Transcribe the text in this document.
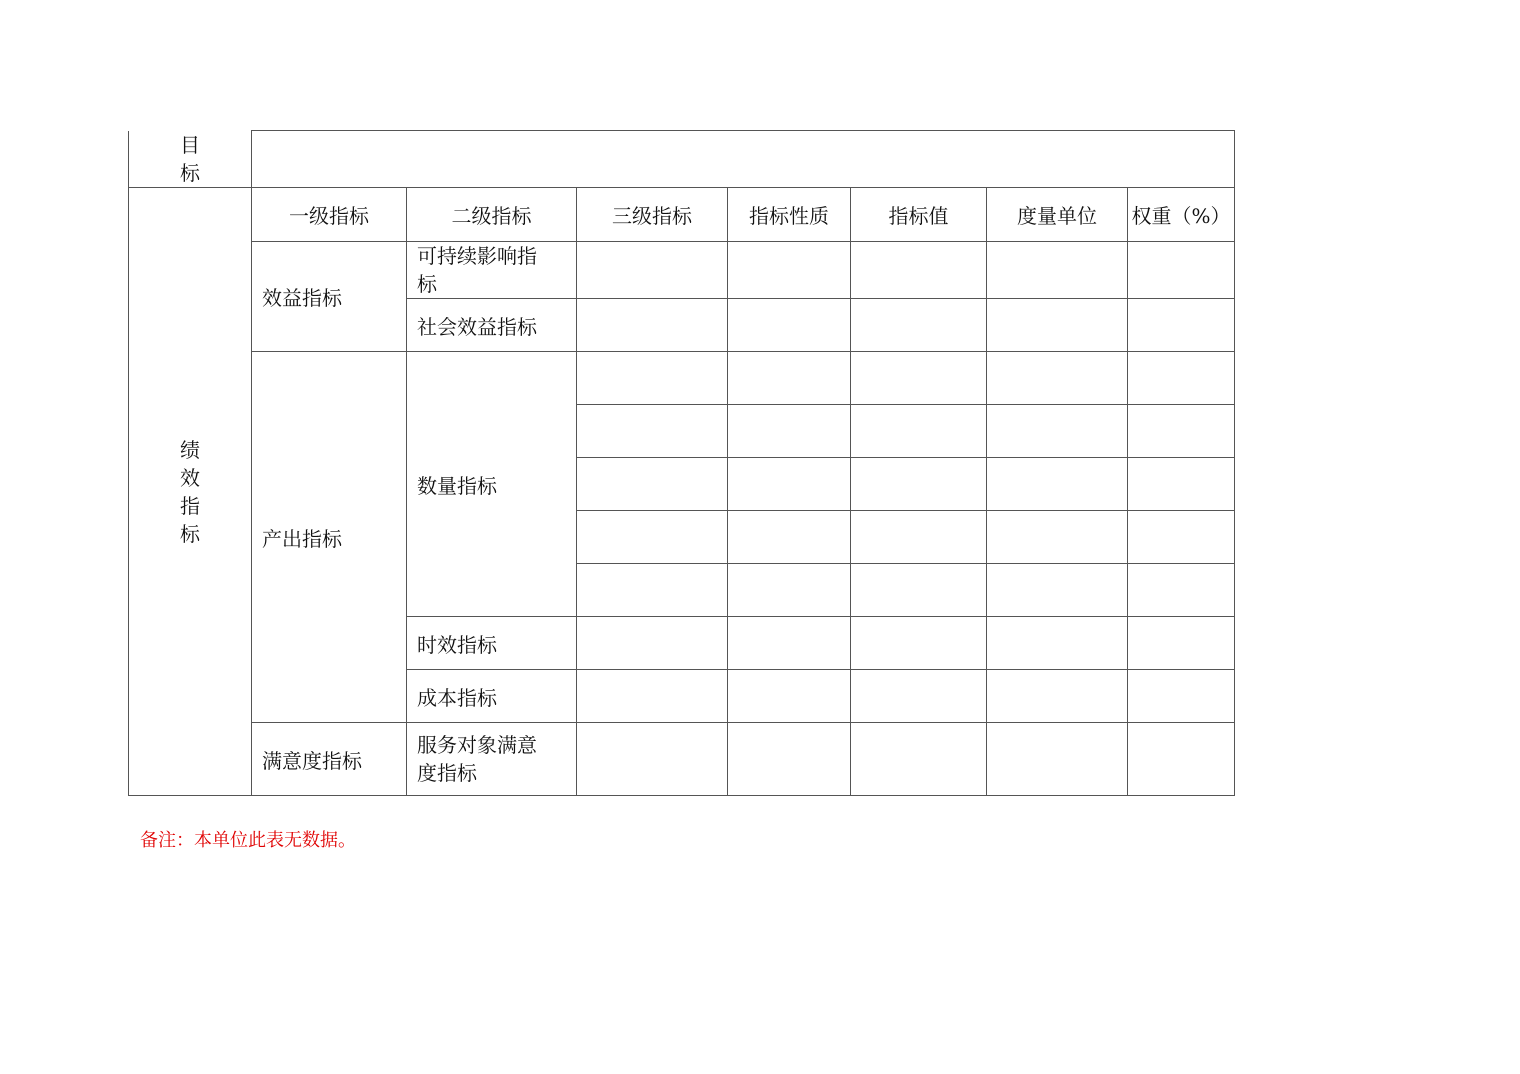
目
标							

绩
效
指
标	一级指标	二级指标	三级指标	指标性质	指标值	度量单位	权重（%）
	效益指标	可持续影响指
标					

		社会效益指标					
	产出指标	数量指标					

		时效指标					
		成本指标					
	满意度指标	服务对象满意
度指标					

备注：本单位此表无数据。
